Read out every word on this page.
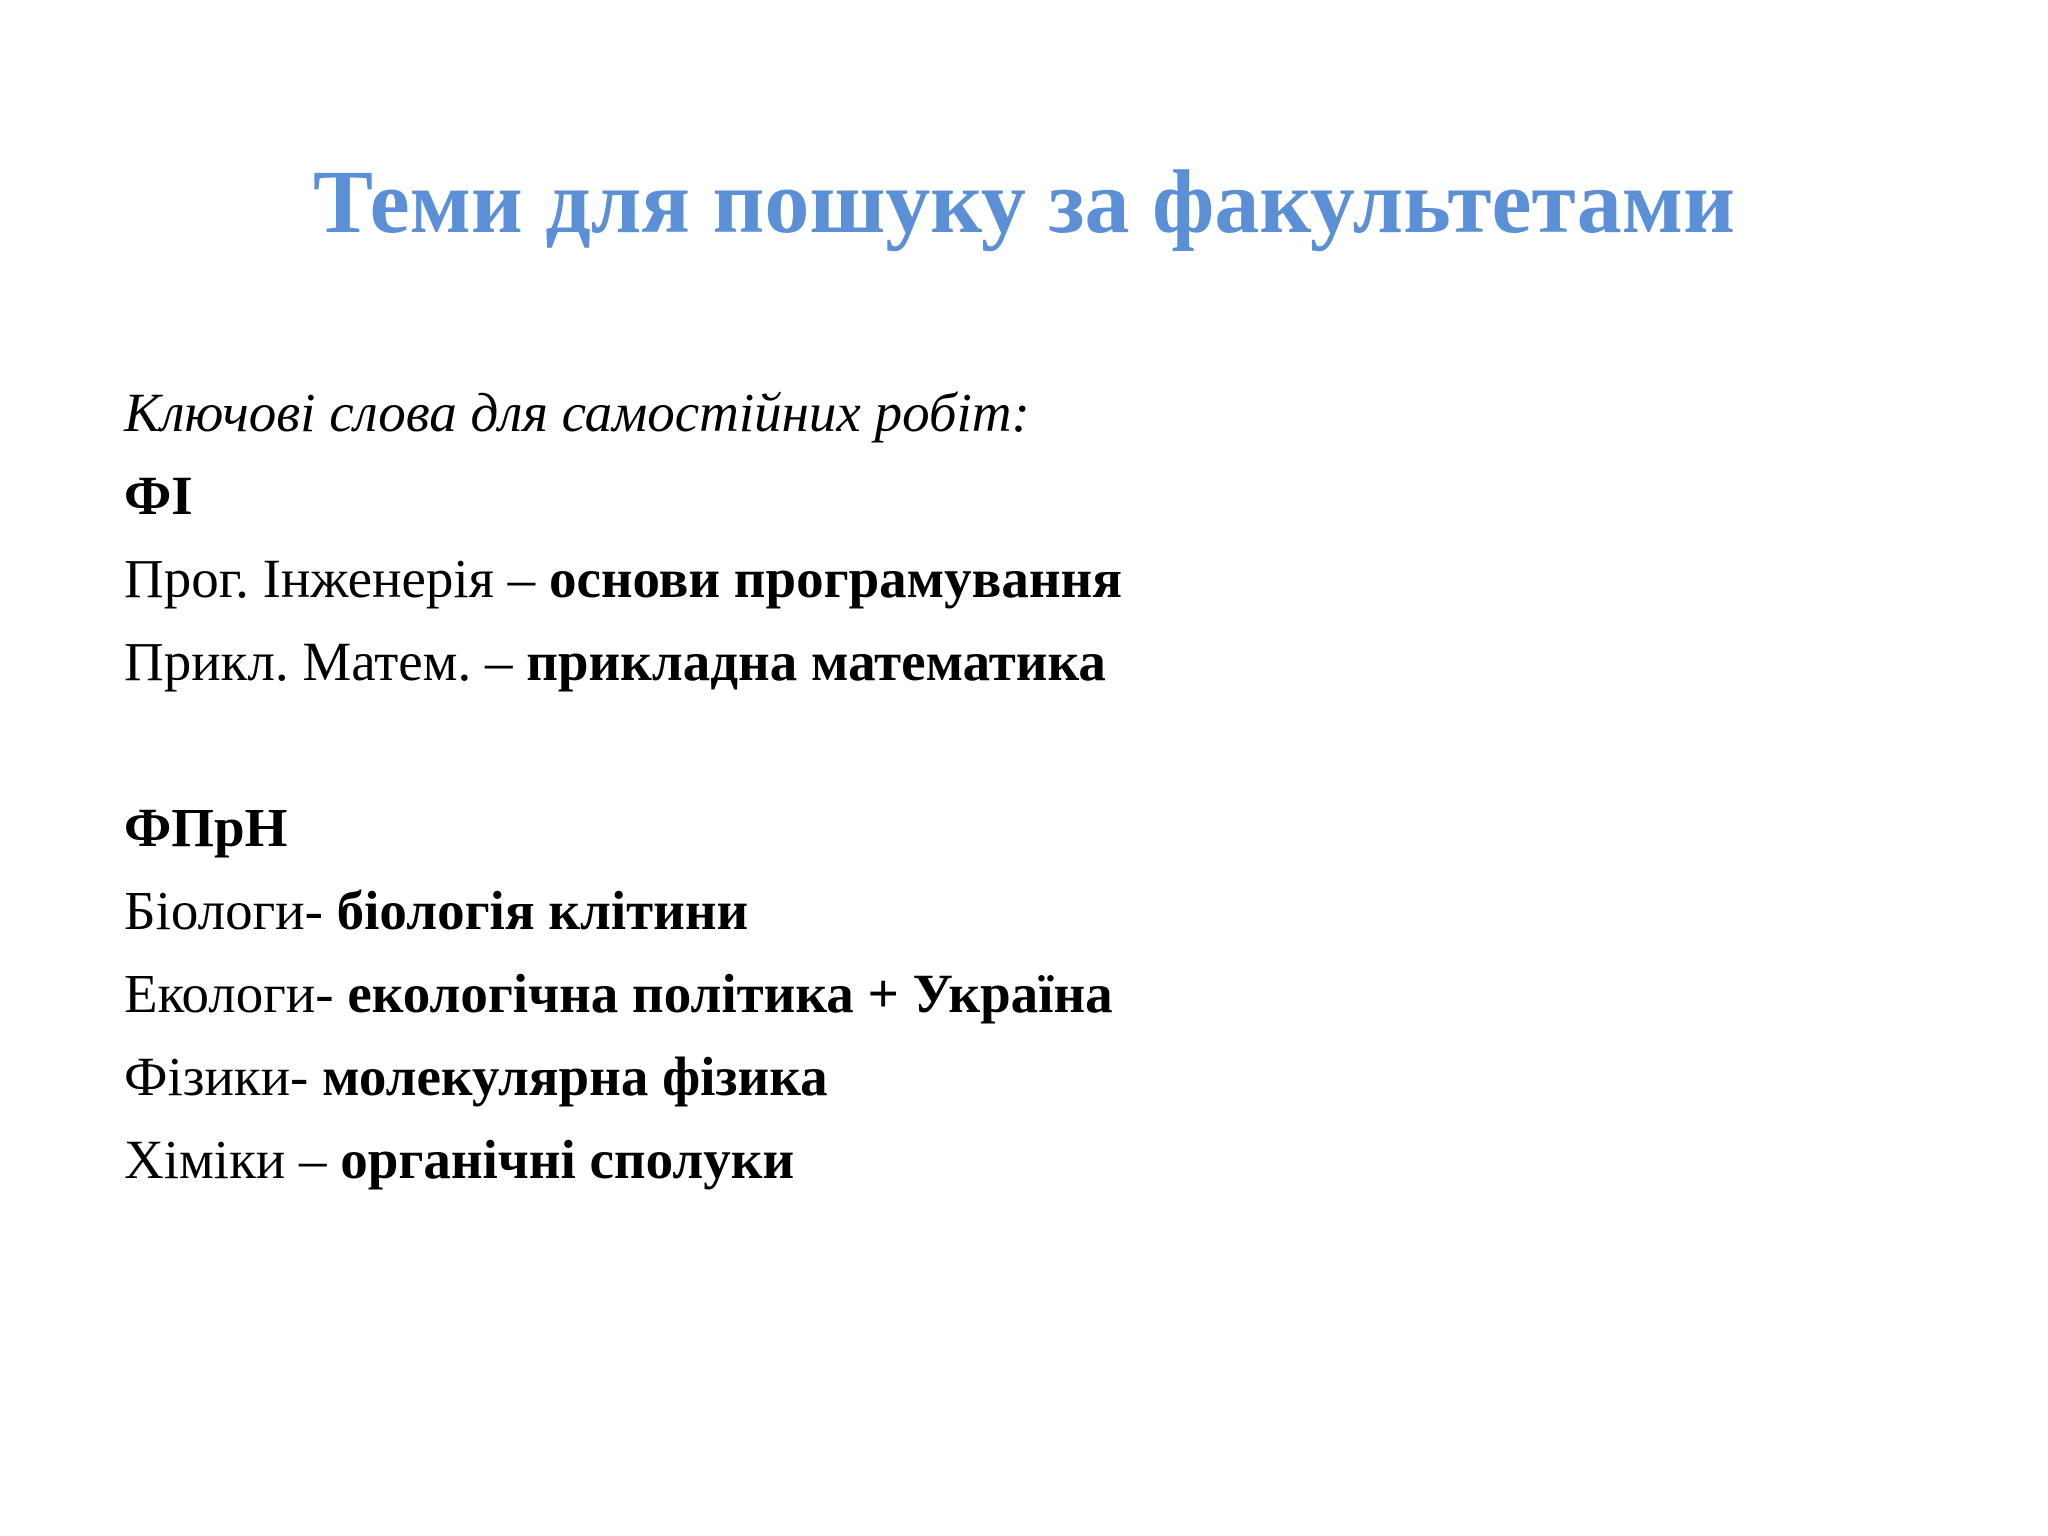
Теми для пошуку за факультетами
Ключові слова для самостійних робіт:
ФІ
Прог. Інженерія – основи програмування
Прикл. Матем. – прикладна математика
ФПрН
Біологи- біологія клітини
Екологи- екологічна політика + Україна
Фізики- молекулярна фізика
Хіміки – органічні сполуки
